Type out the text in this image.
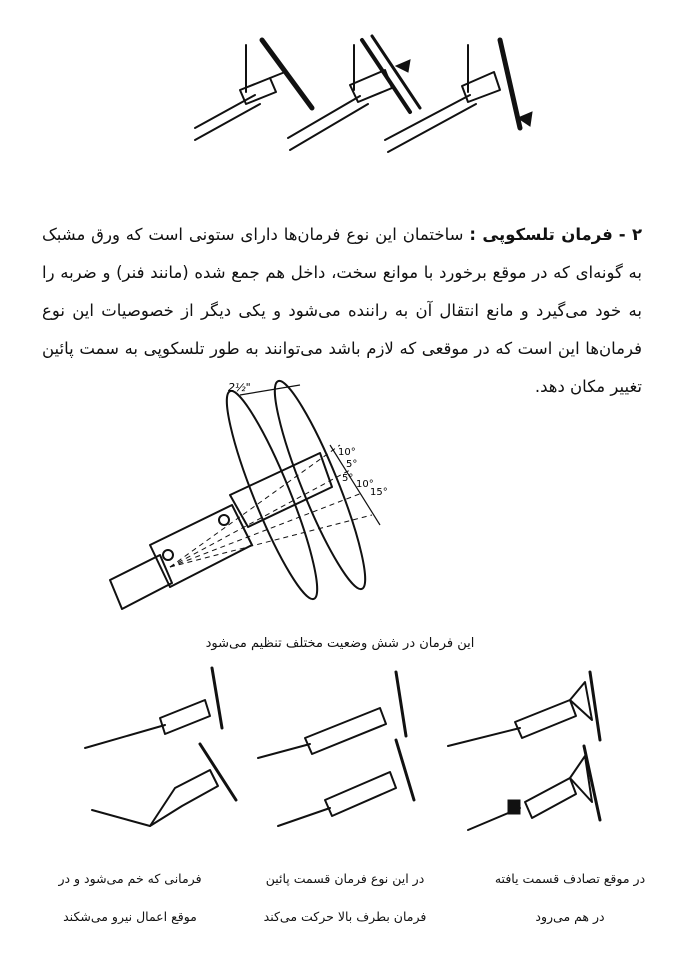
۲ - فرمان تلسکوپی : ساختمان این نوع فرمان‌ها دارای ستونی است که ورق مشبک به گونه‌ای که در موقع برخورد با موانع سخت، داخل هم جمع شده (مانند فنر) و ضربه را به خود می‌گیرد و مانع انتقال آن به راننده می‌شود و یکی دیگر از خصوصیات این نوع فرمان‌ها این است که در موقعی که لازم باشد می‌توانند به طور تلسکوپی به سمت پائین تغییر مکان دهد.
2½"
10°
5°
5°
10°
15°
این فرمان در شش وضعیت مختلف تنظیم می‌شود
در موقع تصادف قسمت یافته
در هم می‌رود
در این نوع فرمان قسمت پائین
فرمان بطرف بالا حرکت می‌کند
فرمانی که خم می‌شود و در
موقع اعمال نیرو می‌شکند
